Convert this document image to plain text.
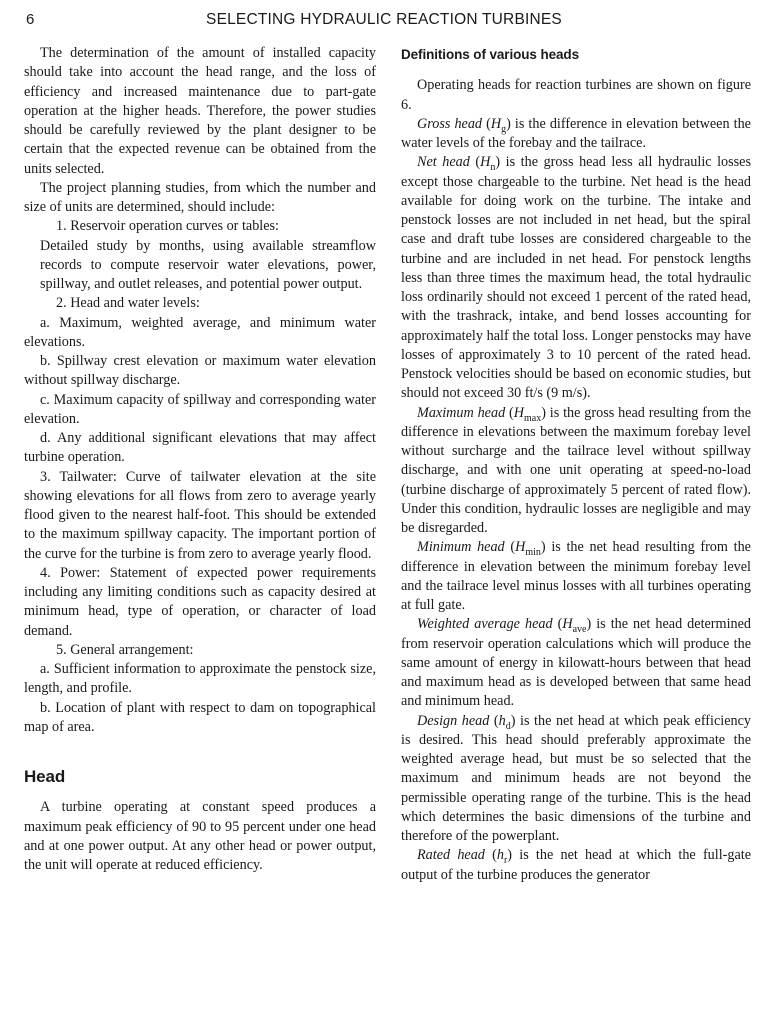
6	SELECTING HYDRAULIC REACTION TURBINES

The determination of the amount of installed capacity should take into account the head range, and the loss of efficiency and increased maintenance due to part-gate operation at the higher heads. Therefore, the power studies should be carefully reviewed by the plant designer to be certain that the expected revenue can be obtained from the units selected.

The project planning studies, from which the number and size of units are determined, should include:

1. Reservoir operation curves or tables:

Detailed study by months, using available streamflow records to compute reservoir water elevations, power, spillway, and outlet releases, and potential power output.

2. Head and water levels:

a. Maximum, weighted average, and minimum water elevations.

b. Spillway crest elevation or maximum water elevation without spillway discharge.

c. Maximum capacity of spillway and corresponding water elevation.

d. Any additional significant elevations that may affect turbine operation.

3. Tailwater: Curve of tailwater elevation at the site showing elevations for all flows from zero to average yearly flood given to the nearest half-foot. This should be extended to the maximum spillway capacity. The important portion of the curve for the turbine is from zero to average yearly flood.

4. Power: Statement of expected power requirements including any limiting conditions such as capacity desired at minimum head, type of operation, or character of load demand.

5. General arrangement:

a. Sufficient information to approximate the penstock size, length, and profile.

b. Location of plant with respect to dam on topographical map of area.

Head

A turbine operating at constant speed produces a maximum peak efficiency of 90 to 95 percent under one head and at one power output. At any other head or power output, the unit will operate at reduced efficiency.

Definitions of various heads

Operating heads for reaction turbines are shown on figure 6.

Gross head $(H_g)$ is the difference in elevation between the water levels of the forebay and the tailrace.

Net head $(H_n)$ is the gross head less all hydraulic losses except those chargeable to the turbine. Net head is the head available for doing work on the turbine. The intake and penstock losses are not included in net head, but the spiral case and draft tube losses are considered chargeable to the turbine and are included in net head. For penstock lengths less than three times the maximum head, the total hydraulic loss ordinarily should not exceed 1 percent of the rated head, with the trashrack, intake, and bend losses accounting for approximately half the total loss. Longer penstocks may have losses of approximately 3 to 10 percent of the rated head. Penstock velocities should be based on economic studies, but should not exceed 30 ft/s (9 m/s).

Maximum head $(H_{max})$ is the gross head resulting from the difference in elevations between the maximum forebay level without surcharge and the tailrace level without spillway discharge, and with one unit operating at speed-no-load (turbine discharge of approximately 5 percent of rated flow). Under this condition, hydraulic losses are negligible and may be disregarded.

Minimum head $(H_{min})$ is the net head resulting from the difference in elevation between the minimum forebay level and the tailrace level minus losses with all turbines operating at full gate.

Weighted average head $(H_{ave})$ is the net head determined from reservoir operation calculations which will produce the same amount of energy in kilowatt-hours between that head and maximum head as is developed between that same head and minimum head.

Design head $(h_d)$ is the net head at which peak efficiency is desired. This head should preferably approximate the weighted average head, but must be so selected that the maximum and minimum heads are not beyond the permissible operating range of the turbine. This is the head which determines the basic dimensions of the turbine and therefore of the powerplant.

Rated head $(h_r)$ is the net head at which the full-gate output of the turbine produces the generator
